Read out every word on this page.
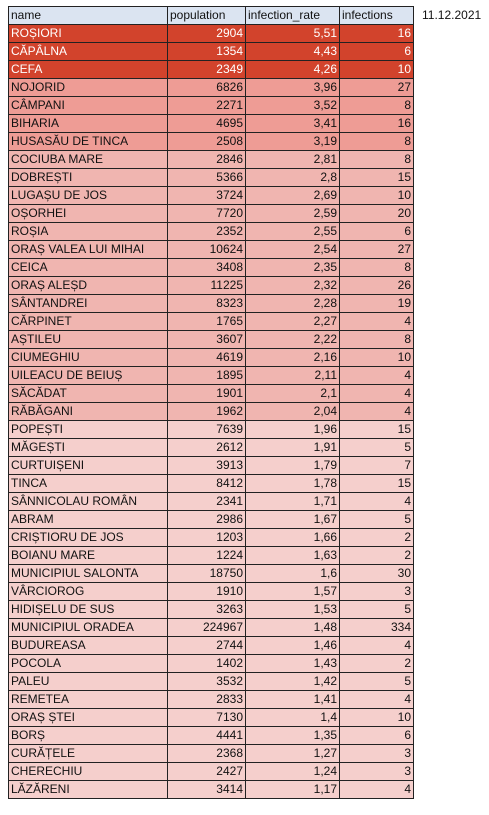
name	population	infection_rate	infections
ROȘIORI	2904	5,51	16
CĂPÂLNA	1354	4,43	6
CEFA	2349	4,26	10
NOJORID	6826	3,96	27
CÂMPANI	2271	3,52	8
BIHARIA	4695	3,41	16
HUSASĂU DE TINCA	2508	3,19	8
COCIUBA MARE	2846	2,81	8
DOBREȘTI	5366	2,8	15
LUGAȘU DE JOS	3724	2,69	10
OȘORHEI	7720	2,59	20
ROȘIA	2352	2,55	6
ORAȘ VALEA LUI MIHAI	10624	2,54	27
CEICA	3408	2,35	8
ORAȘ ALEȘD	11225	2,32	26
SÂNTANDREI	8323	2,28	19
CĂRPINET	1765	2,27	4
AȘTILEU	3607	2,22	8
CIUMEGHIU	4619	2,16	10
UILEACU DE BEIUȘ	1895	2,11	4
SĂCĂDAT	1901	2,1	4
RĂBĂGANI	1962	2,04	4
POPEȘTI	7639	1,96	15
MĂGEȘTI	2612	1,91	5
CURTUIȘENI	3913	1,79	7
TINCA	8412	1,78	15
SÂNNICOLAU ROMÂN	2341	1,71	4
ABRAM	2986	1,67	5
CRIȘTIORU DE JOS	1203	1,66	2
BOIANU MARE	1224	1,63	2
MUNICIPIUL SALONTA	18750	1,6	30
VÂRCIOROG	1910	1,57	3
HIDIȘELU DE SUS	3263	1,53	5
MUNICIPIUL ORADEA	224967	1,48	334
BUDUREASA	2744	1,46	4
POCOLA	1402	1,43	2
PALEU	3532	1,42	5
REMETEA	2833	1,41	4
ORAȘ ȘTEI	7130	1,4	10
BORȘ	4441	1,35	6
CURĂȚELE	2368	1,27	3
CHERECHIU	2427	1,24	3
LĂZĂRENI	3414	1,17	4
11.12.2021
